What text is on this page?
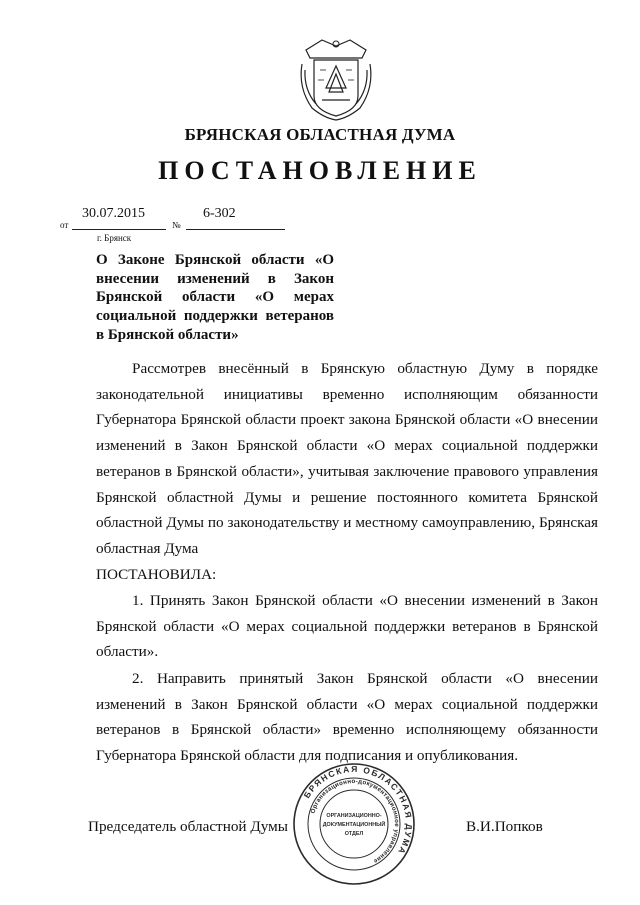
БРЯНСКАЯ ОБЛАСТНАЯ ДУМА
ПОСТАНОВЛЕНИЕ
от
30.07.2015
№
6-302
г. Брянск
О Законе Брянской области «О внесении изменений в Закон Брянской области «О мерах социальной поддержки ветеранов в Брянской области»
Рассмотрев внесённый в Брянскую областную Думу в порядке законодательной инициативы временно исполняющим обязанности Губернатора Брянской области проект закона Брянской области «О внесении изменений в Закон Брянской области «О мерах социальной поддержки ветеранов в Брянской области», учитывая заключение правового управления Брянской областной Думы и решение постоянного комитета Брянской областной Думы по законодательству и местному самоуправлению, Брянская областная Дума
ПОСТАНОВИЛА:
1. Принять Закон Брянской области «О внесении изменений в Закон Брянской области «О мерах социальной поддержки ветеранов в Брянской области».
2. Направить принятый Закон Брянской области «О внесении изменений в Закон Брянской области «О мерах социальной поддержки ветеранов в Брянской области» временно исполняющему обязанности Губернатора Брянской области для подписания и опубликования.
Председатель областной Думы	В.И.Попков
БРЯНСКАЯ ОБЛАСТНАЯ ДУМА
Организационно-документационное управление
ОРГАНИЗАЦИОННО-
ДОКУМЕНТАЦИОННЫЙ
ОТДЕЛ
